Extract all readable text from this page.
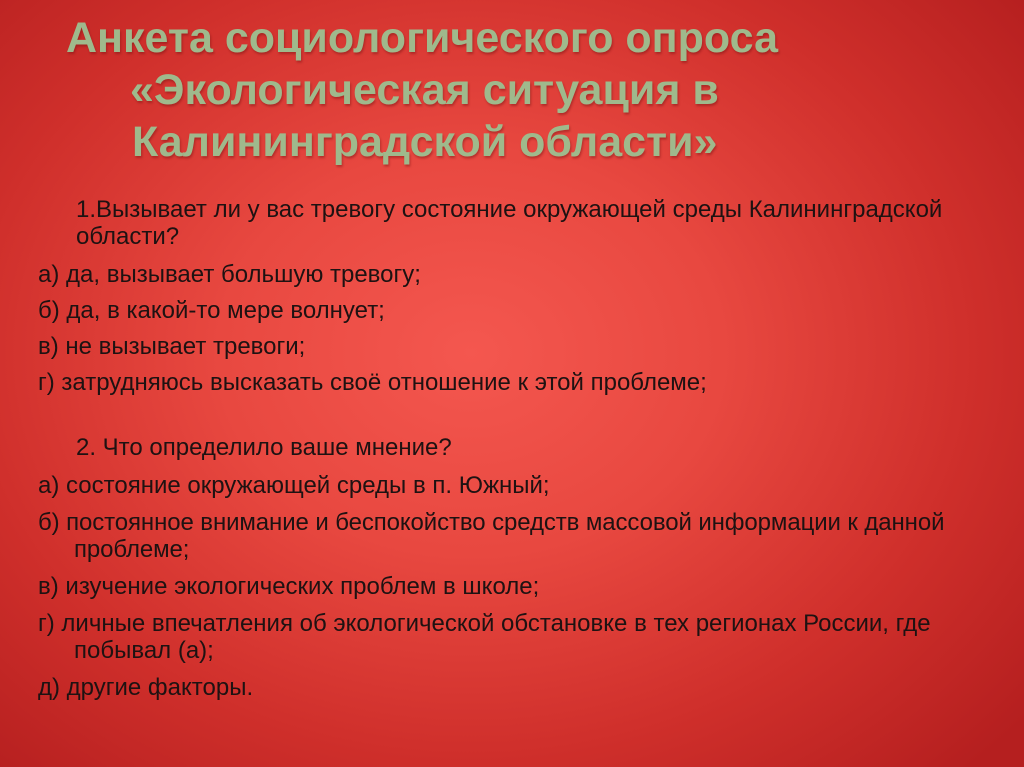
Анкета социологического опроса
«Экологическая ситуация в
Калининградской области»

1.Вызывает ли у вас тревогу состояние окружающей среды Калининградской области?

а) да, вызывает большую тревогу;

б) да, в какой-то мере волнует;

в) не вызывает тревоги;

г) затрудняюсь высказать своё отношение к этой проблеме;

2. Что определило ваше мнение?

а) состояние окружающей среды в п. Южный;

б) постоянное внимание и беспокойство средств массовой информации к данной проблеме;

в) изучение экологических проблем в школе;

г) личные впечатления об экологической обстановке в тех регионах России, где побывал (а);

д) другие факторы.
